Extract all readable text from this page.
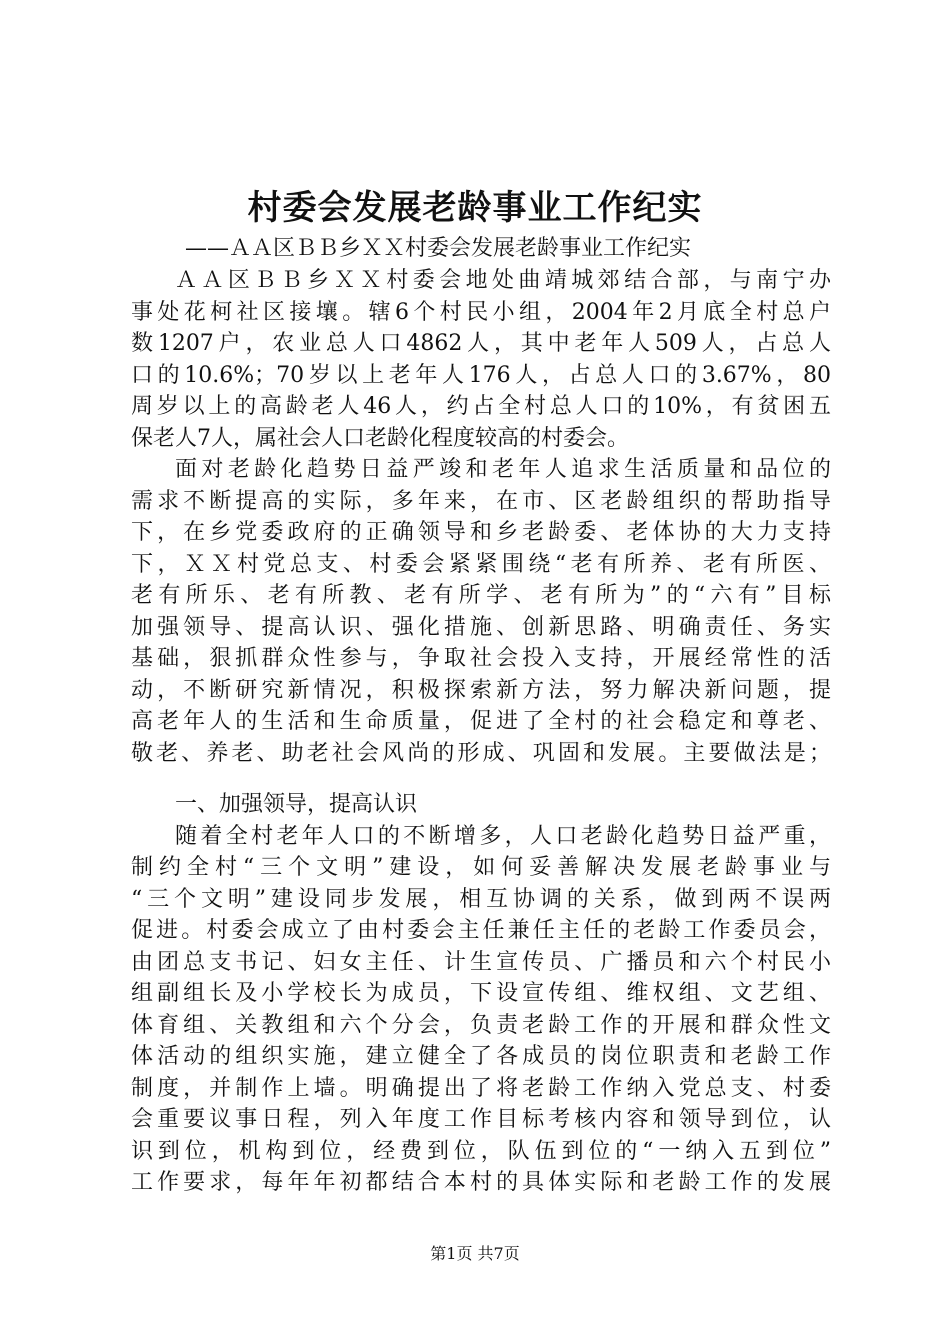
村委会发展老龄事业工作纪实

——ＡＡ区ＢＢ乡ＸＸ村委会发展老龄事业工作纪实

ＡＡ区ＢＢ乡ＸＸ村委会地处曲靖城郊结合部，与南宁办
事处花柯社区接壤。辖6个村民小组，2004年2月底全村总户
数1207户，农业总人口4862人，其中老年人509人，占总人
口的10.6%；70岁以上老年人176人，占总人口的3.67%，80
周岁以上的高龄老人46人，约占全村总人口的10%，有贫困五
保老人7人，属社会人口老龄化程度较高的村委会。
面对老龄化趋势日益严竣和老年人追求生活质量和品位的
需求不断提高的实际，多年来，在市、区老龄组织的帮助指导
下，在乡党委政府的正确领导和乡老龄委、老体协的大力支持
下，ＸＸ村党总支、村委会紧紧围绕“老有所养、老有所医、
老有所乐、老有所教、老有所学、老有所为”的“六有”目标
加强领导、提高认识、强化措施、创新思路、明确责任、务实
基础，狠抓群众性参与，争取社会投入支持，开展经常性的活
动，不断研究新情况，积极探索新方法，努力解决新问题，提
高老年人的生活和生命质量，促进了全村的社会稳定和尊老、
敬老、养老、助老社会风尚的形成、巩固和发展。主要做法是；
一、加强领导，提高认识
随着全村老年人口的不断增多，人口老龄化趋势日益严重，
制约全村“三个文明”建设，如何妥善解决发展老龄事业与
“三个文明”建设同步发展，相互协调的关系，做到两不误两
促进。村委会成立了由村委会主任兼任主任的老龄工作委员会，
由团总支书记、妇女主任、计生宣传员、广播员和六个村民小
组副组长及小学校长为成员，下设宣传组、维权组、文艺组、
体育组、关教组和六个分会，负责老龄工作的开展和群众性文
体活动的组织实施，建立健全了各成员的岗位职责和老龄工作
制度，并制作上墙。明确提出了将老龄工作纳入党总支、村委
会重要议事日程，列入年度工作目标考核内容和领导到位，认
识到位，机构到位，经费到位，队伍到位的“一纳入五到位”
工作要求，每年年初都结合本村的具体实际和老龄工作的发展
第1页 共7页
